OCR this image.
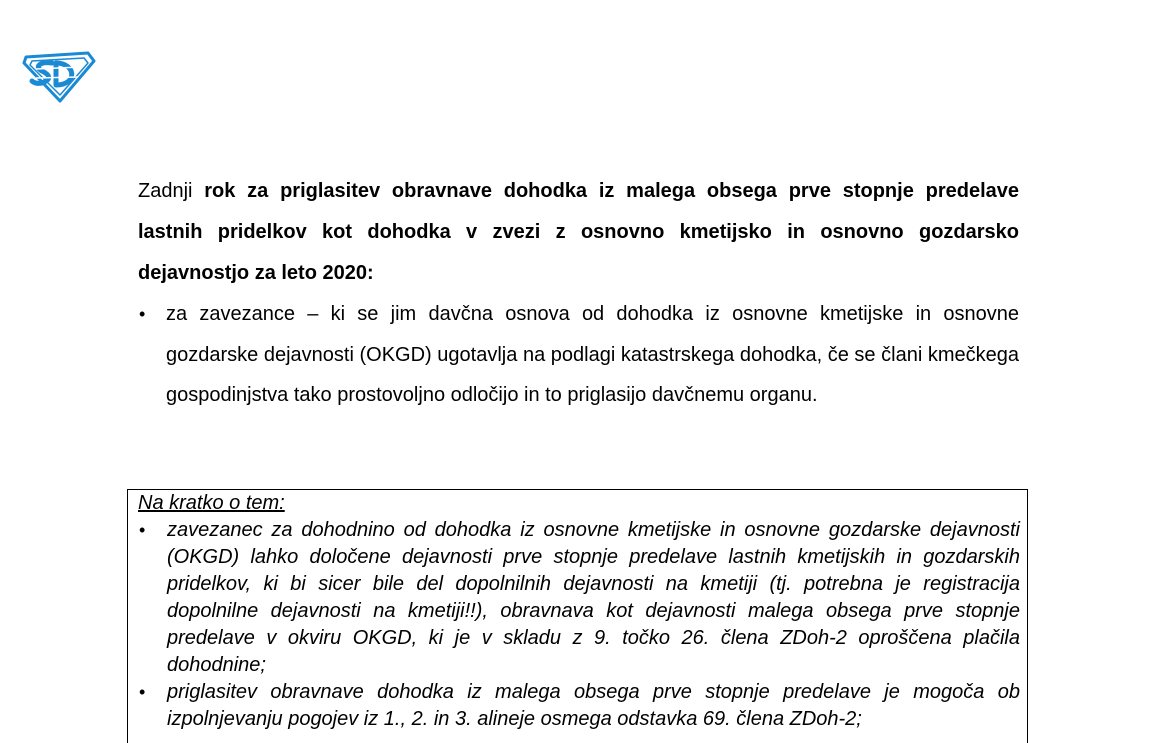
Zadnji rok za priglasitev obravnave dohodka iz malega obsega prve stopnje predelave lastnih pridelkov kot dohodka v zvezi z osnovno kmetijsko in osnovno gozdarsko dejavnostjo za leto 2020:

• za zavezance – ki se jim davčna osnova od dohodka iz osnovne kmetijske in osnovne gozdarske dejavnosti (OKGD) ugotavlja na podlagi katastrskega dohodka, če se člani kmečkega gospodinjstva tako prostovoljno odločijo in to priglasijo davčnemu organu.

Na kratko o tem:

• zavezanec za dohodnino od dohodka iz osnovne kmetijske in osnovne gozdarske dejavnosti (OKGD) lahko določene dejavnosti prve stopnje predelave lastnih kmetijskih in gozdarskih pridelkov, ki bi sicer bile del dopolnilnih dejavnosti na kmetiji (tj. potrebna je registracija dopolnilne dejavnosti na kmetiji!!), obravnava kot dejavnosti malega obsega prve stopnje predelave v okviru OKGD, ki je v skladu z 9. točko 26. člena ZDoh-2 oproščena plačila dohodnine;
• priglasitev obravnave dohodka iz malega obsega prve stopnje predelave je mogoča ob izpolnjevanju pogojev iz 1., 2. in 3. alineje osmega odstavka 69. člena ZDoh-2;
